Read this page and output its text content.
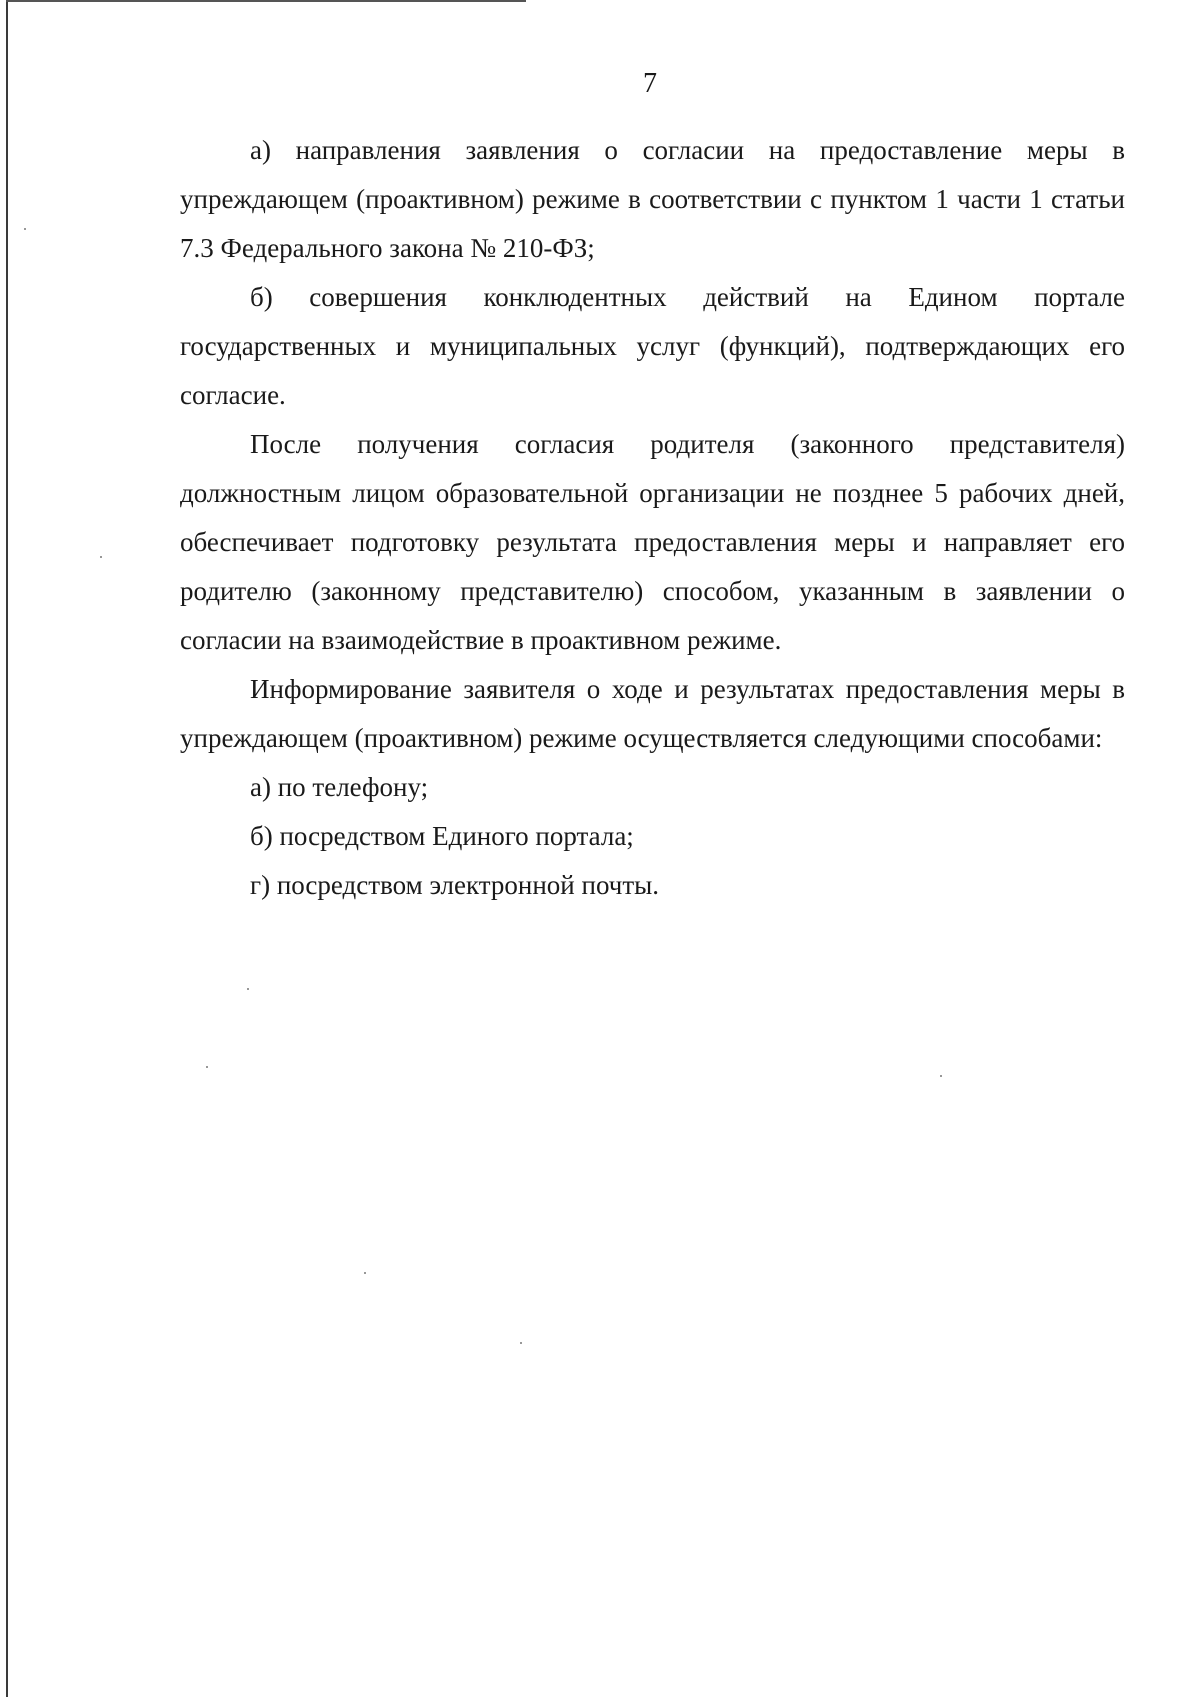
7

а) направления заявления о согласии на предоставление меры в упреждающем (проактивном) режиме в соответствии с пунктом 1 части 1 статьи 7.3 Федерального закона № 210-ФЗ;

б) совершения конклюдентных действий на Едином портале государственных и муниципальных услуг (функций), подтверждающих его согласие.

После получения согласия родителя (законного представителя) должностным лицом образовательной организации не позднее 5 рабочих дней, обеспечивает подготовку результата предоставления меры и направляет его родителю (законному представителю) способом, указанным в заявлении о согласии на взаимодействие в проактивном режиме.

Информирование заявителя о ходе и результатах предоставления меры в упреждающем (проактивном) режиме осуществляется следующими способами:

а) по телефону;

б) посредством Единого портала;

г) посредством электронной почты.
